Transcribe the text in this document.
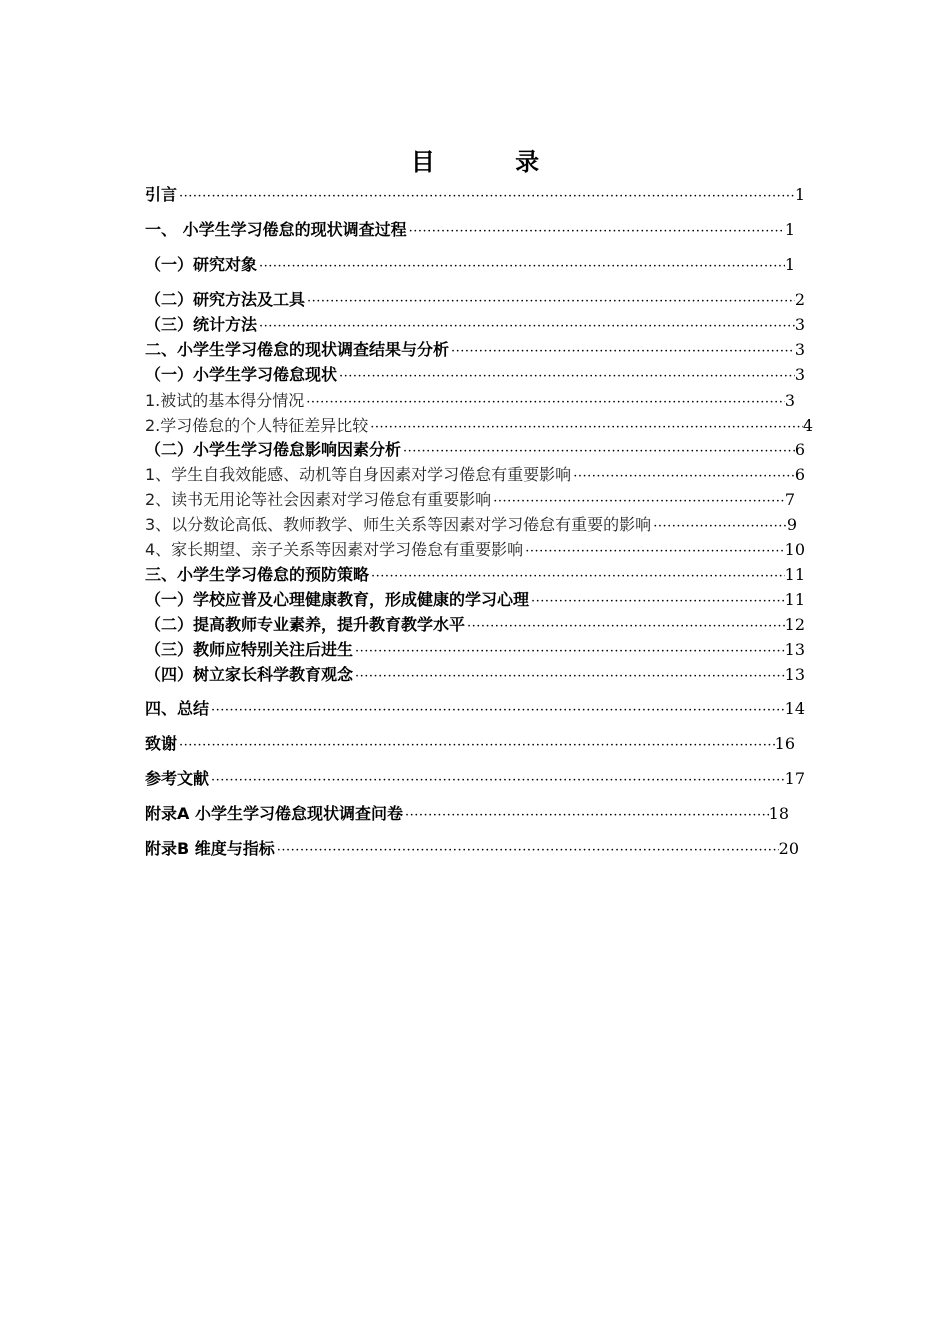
目 录
引言 ·····	1
一、 小学生学习倦怠的现状调查过程 ·····	1
（一）研究对象 ·····	1
（二）研究方法及工具 ·····	2
（三）统计方法 ·····	3
二、小学生学习倦怠的现状调查结果与分析 ·····	3
（一）小学生学习倦怠现状 ·····	3
1.被试的基本得分情况 ·····	3
2.学习倦怠的个人特征差异比较 ·····	4
（二）小学生学习倦怠影响因素分析 ·····	6
1、学生自我效能感、动机等自身因素对学习倦怠有重要影响 ·····	6
2、读书无用论等社会因素对学习倦怠有重要影响 ·····	7
3、以分数论高低、教师教学、师生关系等因素对学习倦怠有重要的影响 ·····	9
4、家长期望、亲子关系等因素对学习倦怠有重要影响 ·····	10
三、小学生学习倦怠的预防策略 ·····	11
（一）学校应普及心理健康教育，形成健康的学习心理 ·····	11
（二）提高教师专业素养，提升教育教学水平 ·····	12
（三）教师应特别关注后进生 ·····	13
（四）树立家长科学教育观念 ·····	13
四、总结 ·····	14
致谢 ·····	16
参考文献 ·····	17
附录A 小学生学习倦怠现状调查问卷 ·····	18
附录B 维度与指标 ·····	20
